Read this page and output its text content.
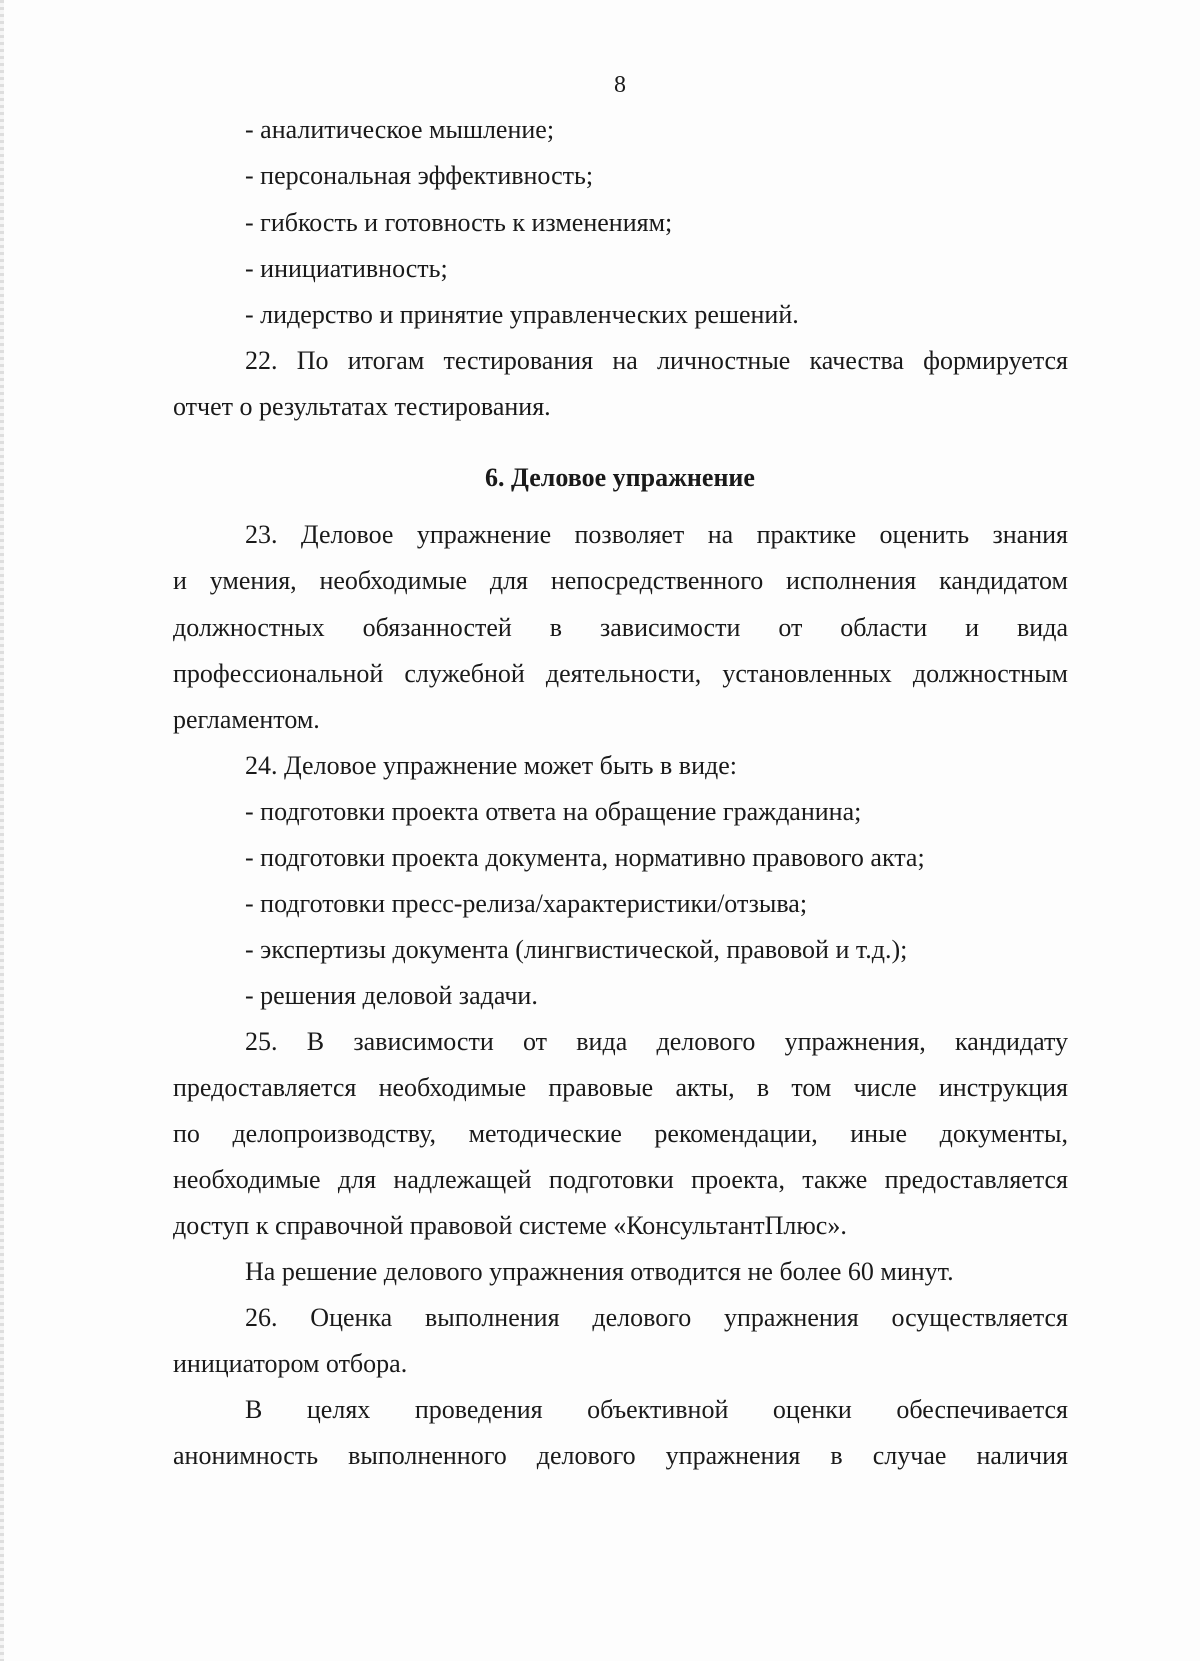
8
- аналитическое мышление;
- персональная эффективность;
- гибкость и готовность к изменениям;
- инициативность;
- лидерство и принятие управленческих решений.
22. По итогам тестирования на личностные качества формируется
отчет о результатах тестирования.
6. Деловое упражнение
23. Деловое упражнение позволяет на практике оценить знания
и умения, необходимые для непосредственного исполнения кандидатом
должностных обязанностей в зависимости от области и вида
профессиональной служебной деятельности, установленных должностным
регламентом.
24. Деловое упражнение может быть в виде:
- подготовки проекта ответа на обращение гражданина;
- подготовки проекта документа, нормативно правового акта;
- подготовки пресс-релиза/характеристики/отзыва;
- экспертизы документа (лингвистической, правовой и т.д.);
- решения деловой задачи.
25. В зависимости от вида делового упражнения, кандидату
предоставляется необходимые правовые акты, в том числе инструкция
по делопроизводству, методические рекомендации, иные документы,
необходимые для надлежащей подготовки проекта, также предоставляется
доступ к справочной правовой системе «КонсультантПлюс».
На решение делового упражнения отводится не более 60 минут.
26. Оценка выполнения делового упражнения осуществляется
инициатором отбора.
В целях проведения объективной оценки обеспечивается
анонимность выполненного делового упражнения в случае наличия
